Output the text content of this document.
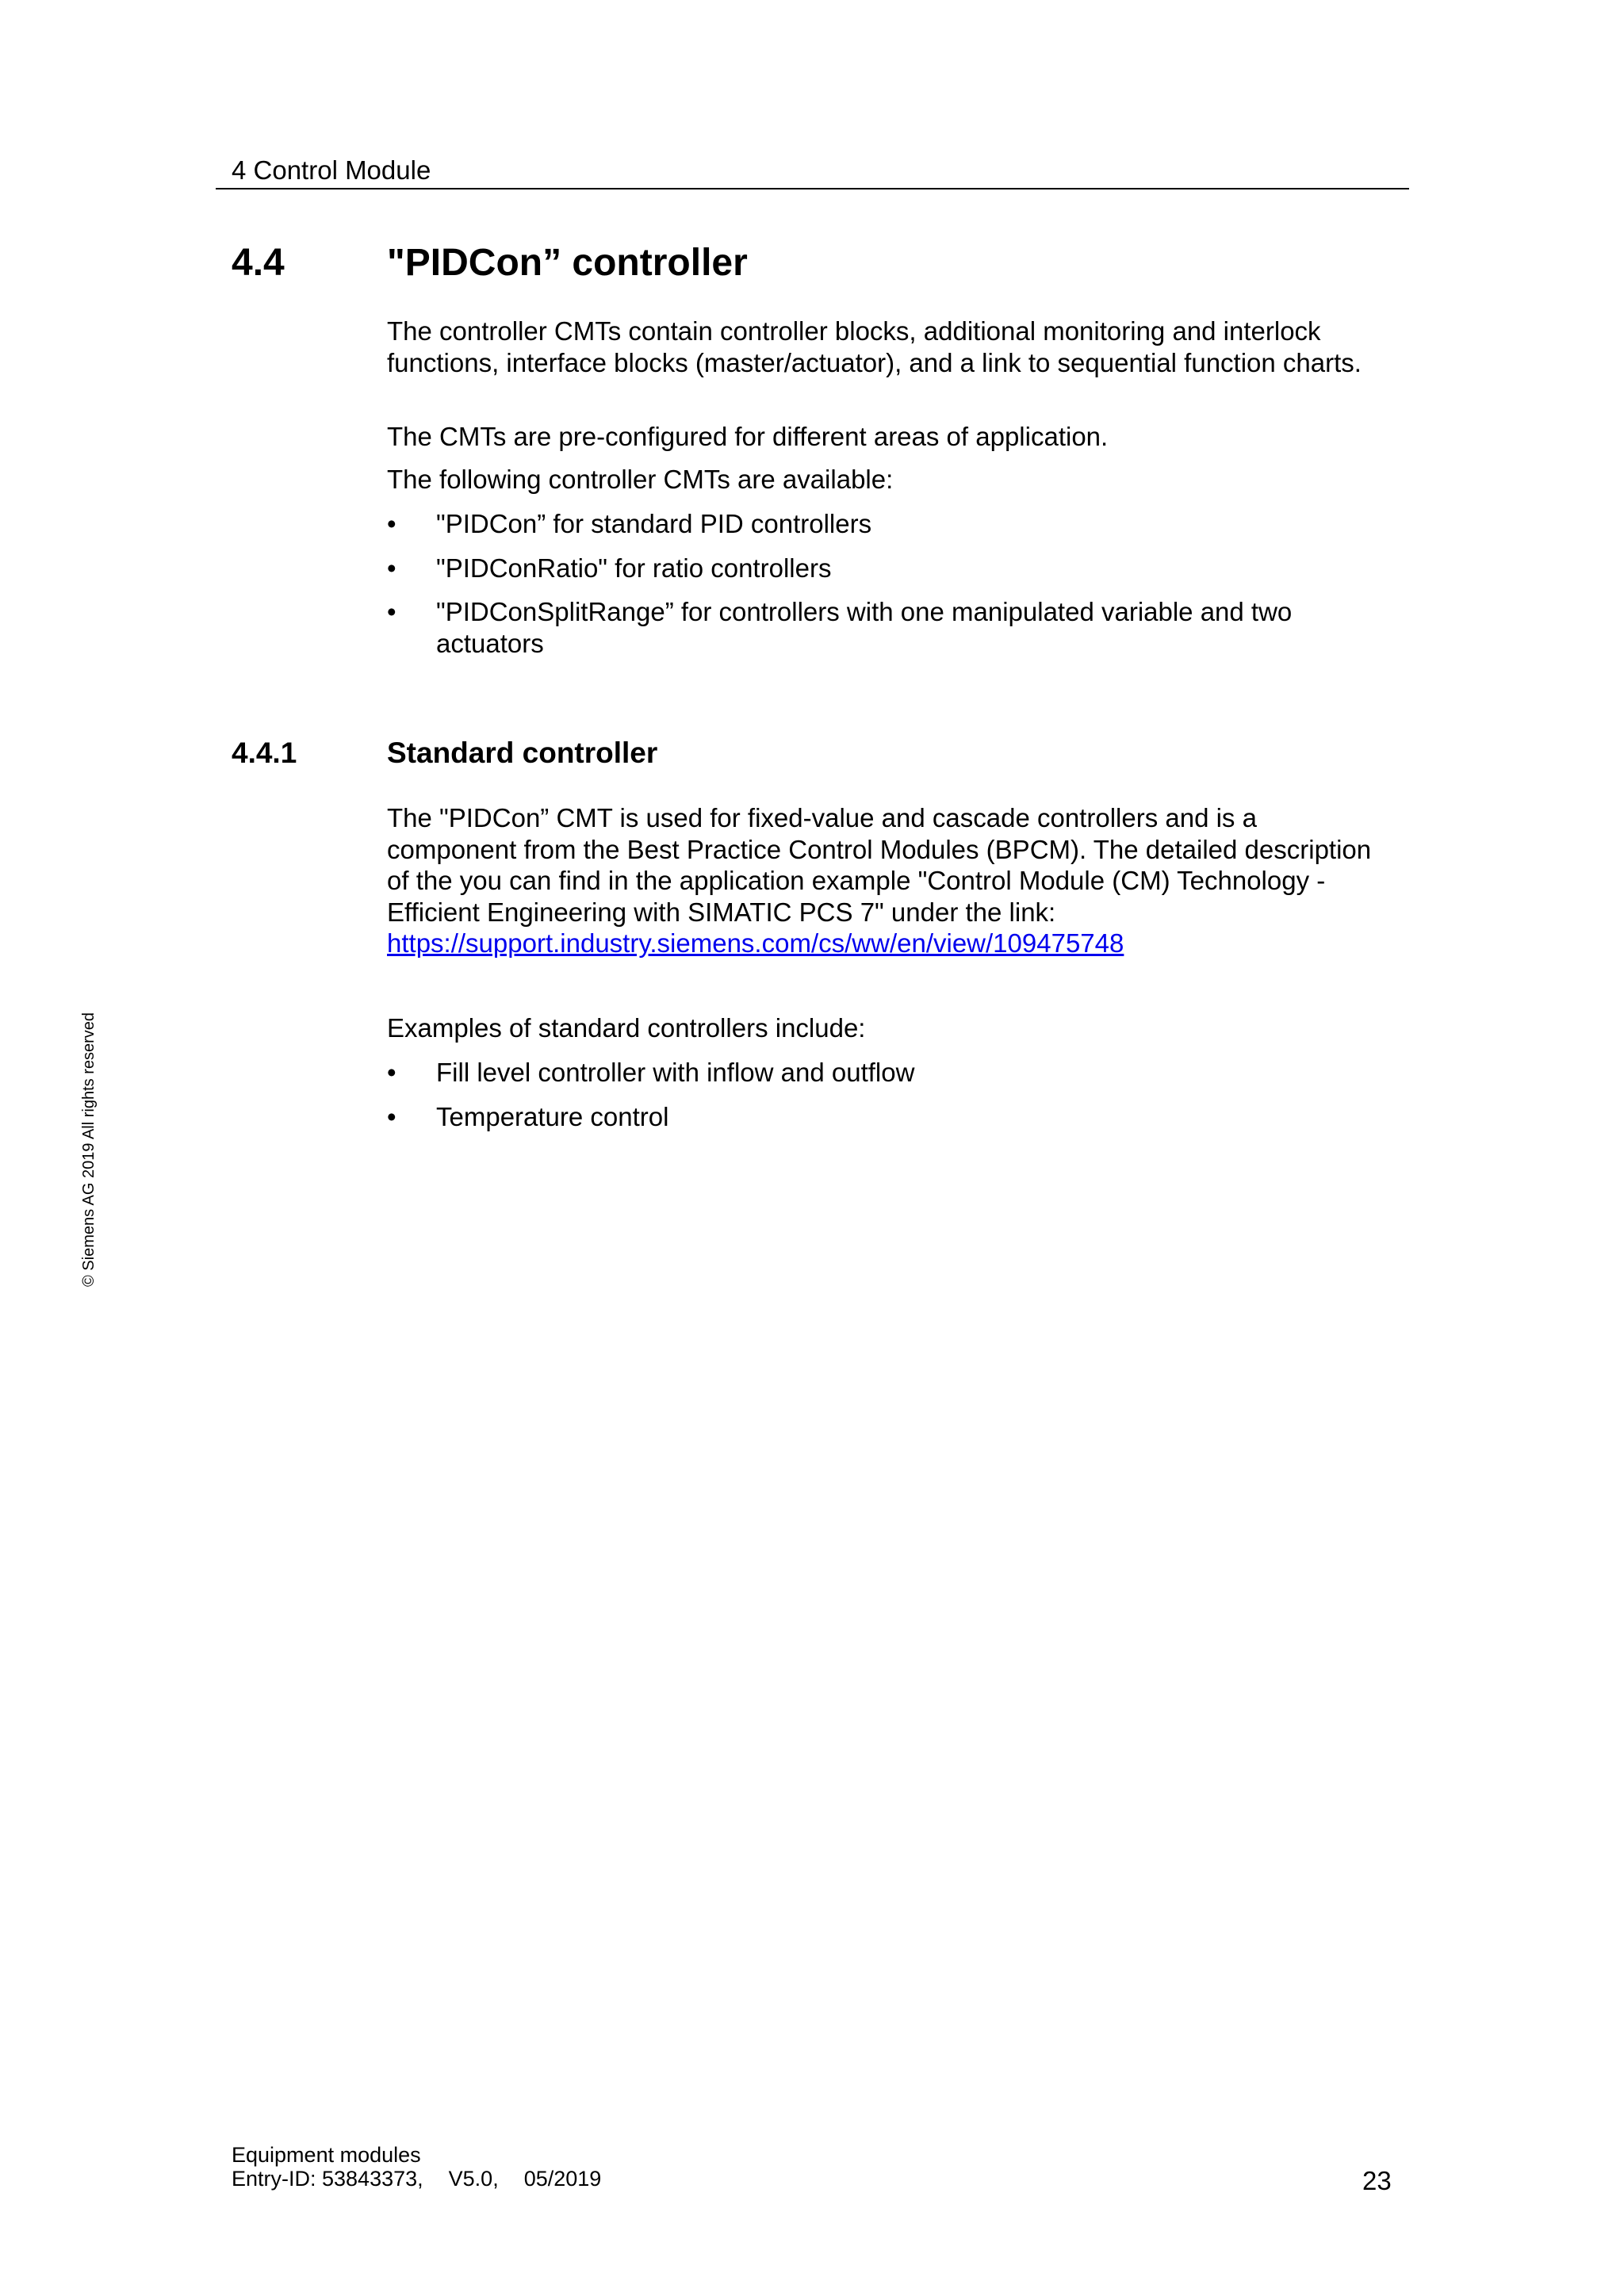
4 Control Module
4.4	"PIDCon” controller

The controller CMTs contain controller blocks, additional monitoring and interlock functions, interface blocks (master/actuator), and a link to sequential function charts.

The CMTs are pre-configured for different areas of application.

The following controller CMTs are available:

• "PIDCon” for standard PID controllers
• "PIDConRatio" for ratio controllers
• "PIDConSplitRange” for controllers with one manipulated variable and two actuators
4.4.1	Standard controller

The "PIDCon” CMT is used for fixed-value and cascade controllers and is a component from the Best Practice Control Modules (BPCM). The detailed description of the you can find in the application example "Control Module (CM) Technology - Efficient Engineering with SIMATIC PCS 7" under the link:
https://support.industry.siemens.com/cs/ww/en/view/109475748

Examples of standard controllers include:

• Fill level controller with inflow and outflow
• Temperature control
© Siemens AG 2019 All rights reserved
Equipment modules
Entry-ID: 53843373, V5.0, 05/2019	23
